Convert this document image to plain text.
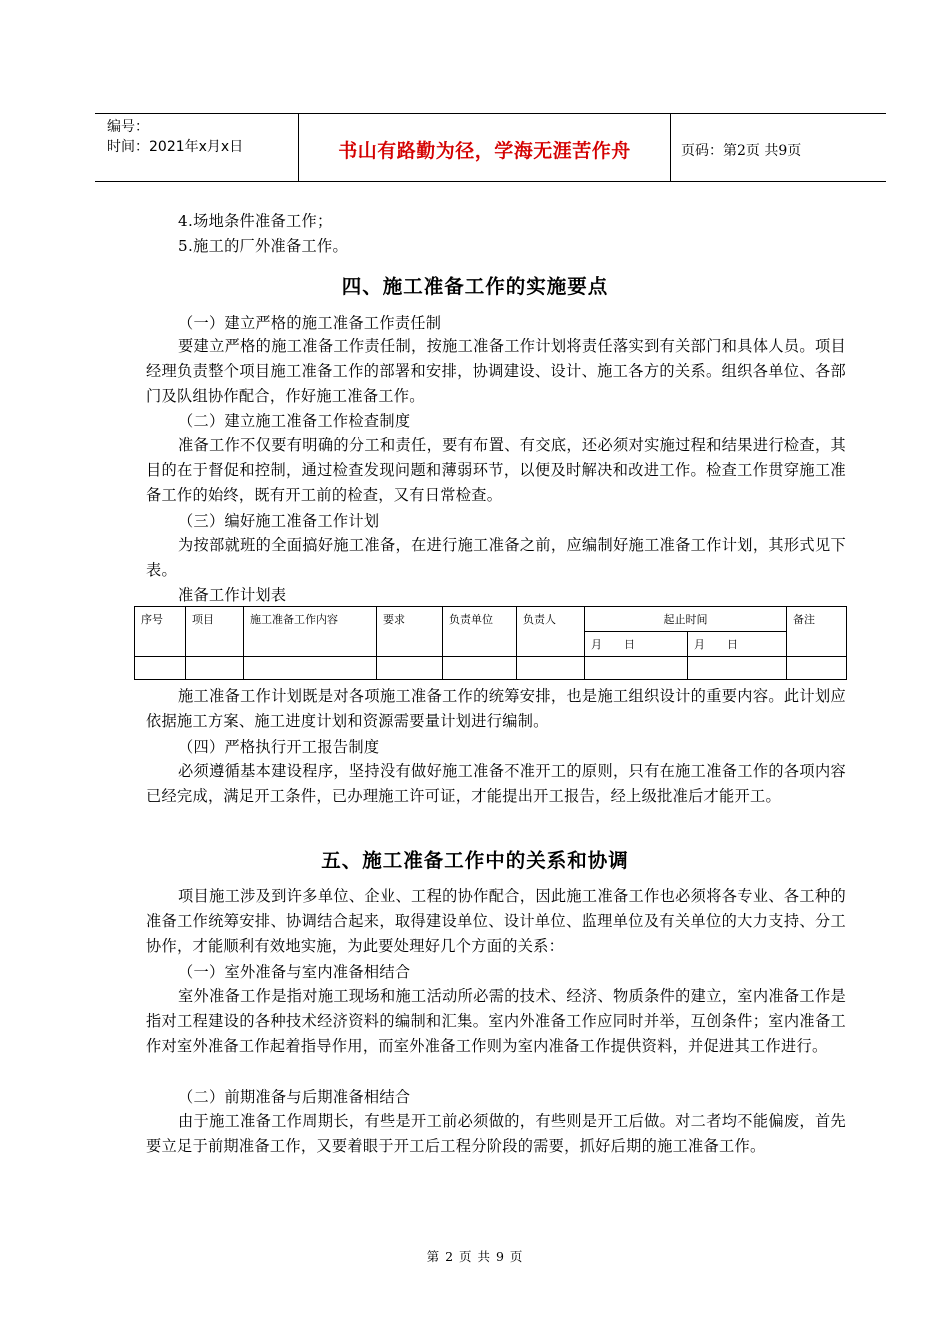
编号：
时间：2021年x月x日	书山有路勤为径，学海无涯苦作舟	页码：第2页 共9页
4.场地条件准备工作；
5.施工的厂外准备工作。
四、施工准备工作的实施要点
（一）建立严格的施工准备工作责任制
要建立严格的施工准备工作责任制，按施工准备工作计划将责任落实到有关部门和具体人员。项目经理负责整个项目施工准备工作的部署和安排，协调建设、设计、施工各方的关系。组织各单位、各部门及队组协作配合，作好施工准备工作。
（二）建立施工准备工作检查制度
准备工作不仅要有明确的分工和责任，要有布置、有交底，还必须对实施过程和结果进行检查，其目的在于督促和控制，通过检查发现问题和薄弱环节，以便及时解决和改进工作。检查工作贯穿施工准备工作的始终，既有开工前的检查，又有日常检查。
（三）编好施工准备工作计划
为按部就班的全面搞好施工准备，在进行施工准备之前，应编制好施工准备工作计划，其形式见下表。
准备工作计划表
序号	项目	施工准备工作内容	要求	负责单位	负责人	起止时间		备注
						月　　日	月　　日	

施工准备工作计划既是对各项施工准备工作的统筹安排，也是施工组织设计的重要内容。此计划应依据施工方案、施工进度计划和资源需要量计划进行编制。
（四）严格执行开工报告制度
必须遵循基本建设程序，坚持没有做好施工准备不准开工的原则，只有在施工准备工作的各项内容已经完成，满足开工条件，已办理施工许可证，才能提出开工报告，经上级批准后才能开工。
五、施工准备工作中的关系和协调
项目施工涉及到许多单位、企业、工程的协作配合，因此施工准备工作也必须将各专业、各工种的准备工作统筹安排、协调结合起来，取得建设单位、设计单位、监理单位及有关单位的大力支持、分工协作，才能顺利有效地实施，为此要处理好几个方面的关系：
（一）室外准备与室内准备相结合
室外准备工作是指对施工现场和施工活动所必需的技术、经济、物质条件的建立，室内准备工作是指对工程建设的各种技术经济资料的编制和汇集。室内外准备工作应同时并举，互创条件；室内准备工作对室外准备工作起着指导作用，而室外准备工作则为室内准备工作提供资料，并促进其工作进行。
（二）前期准备与后期准备相结合
由于施工准备工作周期长，有些是开工前必须做的，有些则是开工后做。对二者均不能偏废，首先要立足于前期准备工作，又要着眼于开工后工程分阶段的需要，抓好后期的施工准备工作。
第 2 页 共 9 页
